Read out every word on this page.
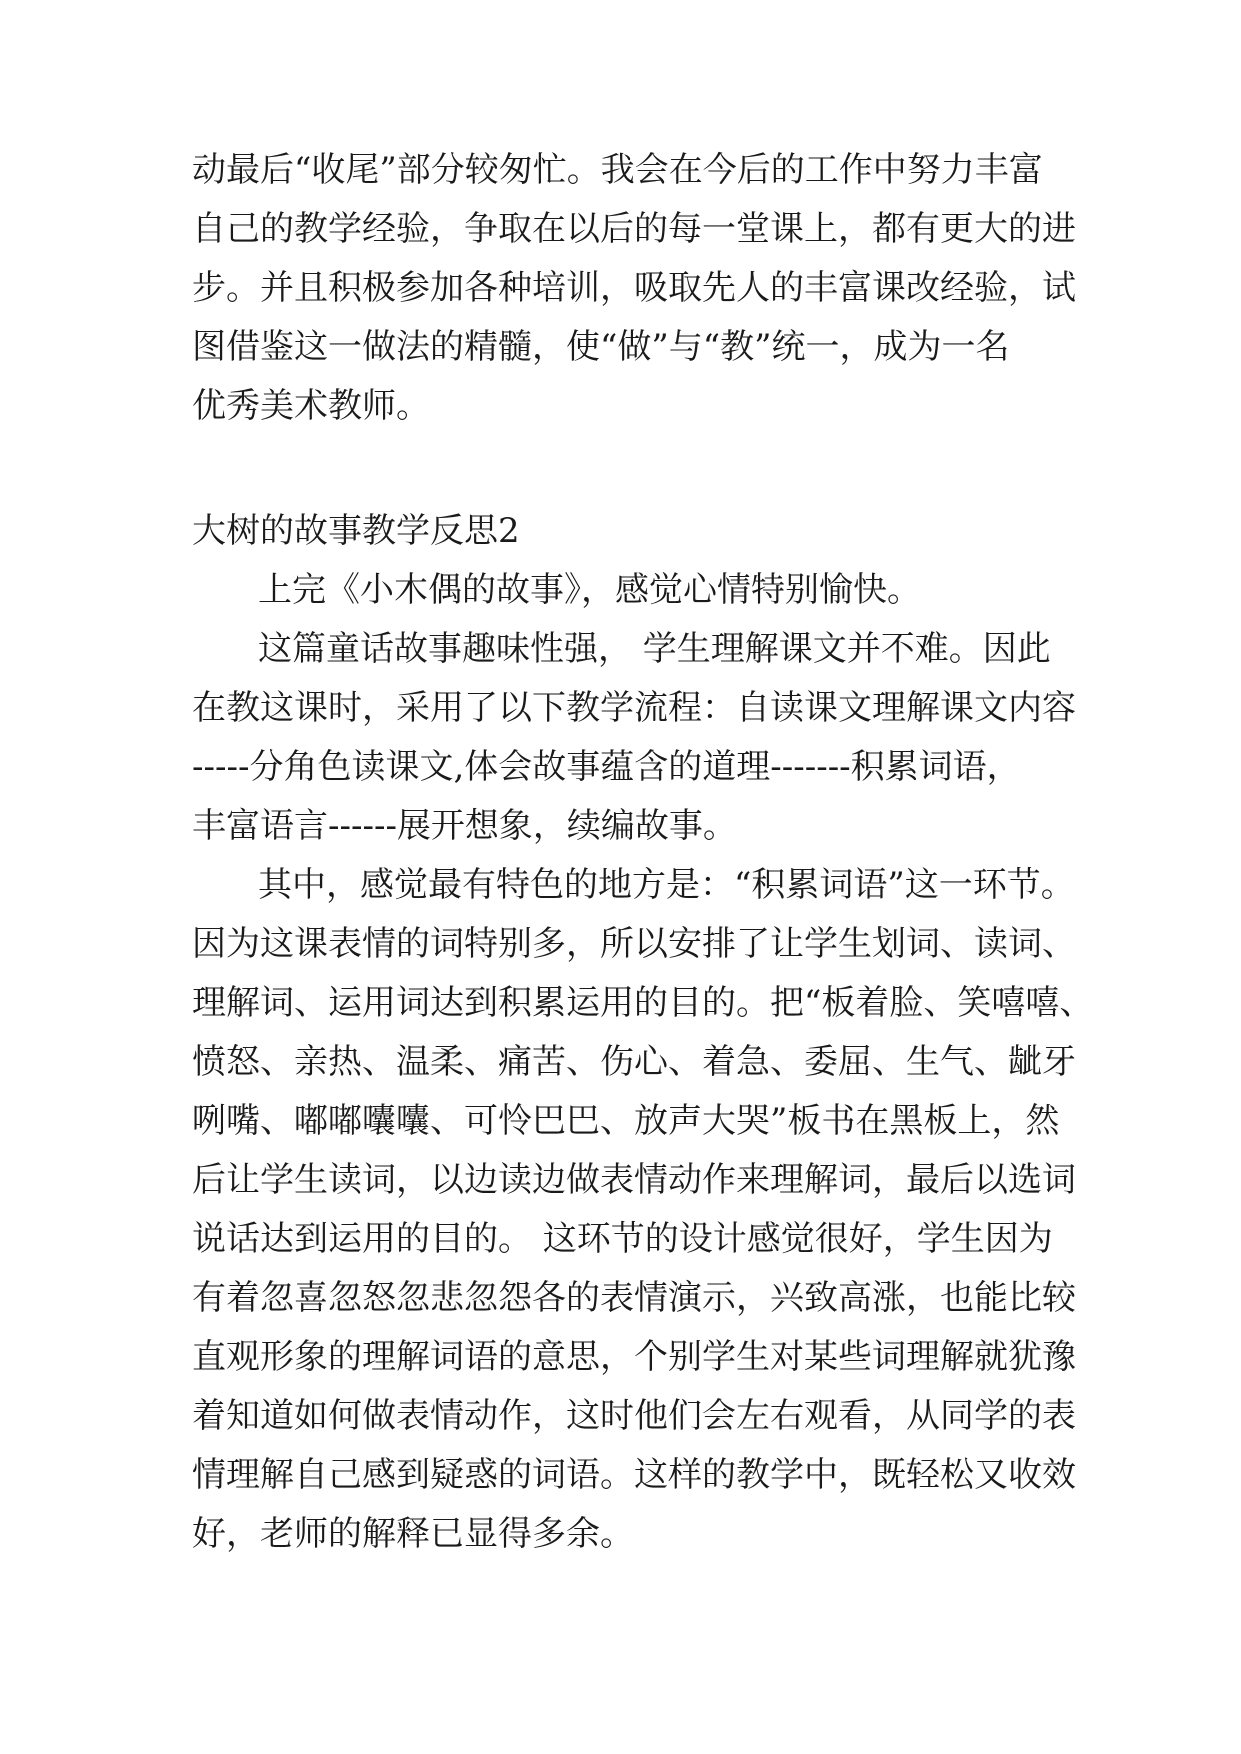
动最后“收尾”部分较匆忙。我会在今后的工作中努力丰富
自己的教学经验，争取在以后的每一堂课上，都有更大的进
步。并且积极参加各种培训，吸取先人的丰富课改经验，试
图借鉴这一做法的精髓，使“做”与“教”统一，成为一名
优秀美术教师。
大树的故事教学反思2
上完《小木偶的故事》，感觉心情特别愉快。
这篇童话故事趣味性强， 学生理解课文并不难。因此
在教这课时，采用了以下教学流程：自读课文理解课文内容
-----分角色读课文,体会故事蕴含的道理-------积累词语，
丰富语言------展开想象，续编故事。
其中，感觉最有特色的地方是：“积累词语”这一环节。
因为这课表情的词特别多，所以安排了让学生划词、读词、
理解词、运用词达到积累运用的目的。把“板着脸、笑嘻嘻、
愤怒、亲热、温柔、痛苦、伤心、着急、委屈、生气、龇牙
咧嘴、嘟嘟囔囔、可怜巴巴、放声大哭”板书在黑板上，然
后让学生读词，以边读边做表情动作来理解词，最后以选词
说话达到运用的目的。 这环节的设计感觉很好，学生因为
有着忽喜忽怒忽悲忽怨各的表情演示，兴致高涨，也能比较
直观形象的理解词语的意思，个别学生对某些词理解就犹豫
着知道如何做表情动作，这时他们会左右观看，从同学的表
情理解自己感到疑惑的词语。这样的教学中，既轻松又收效
好，老师的解释已显得多余。
